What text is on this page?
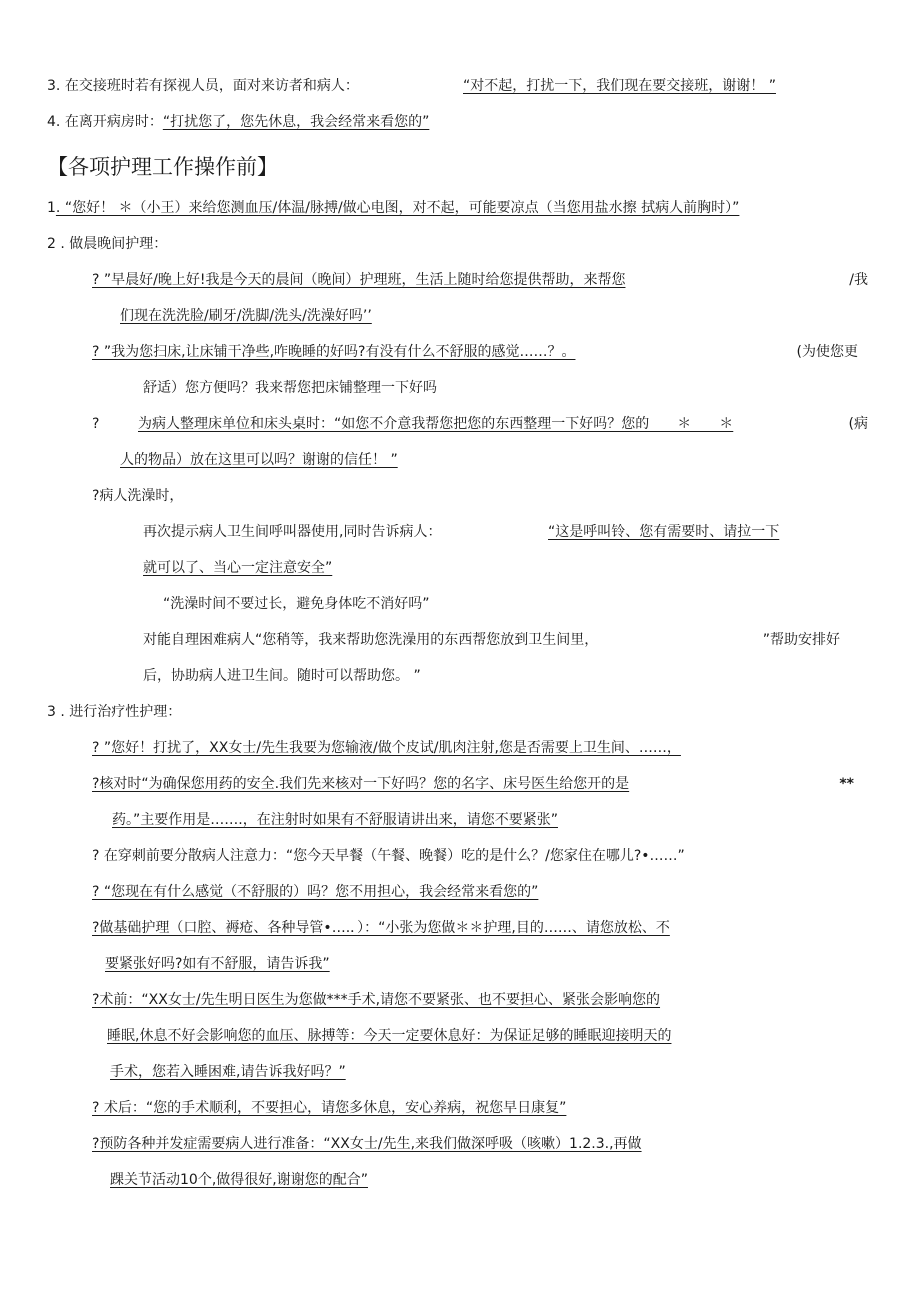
3. 在交接班时若有探视人员，面对来访者和病人：	“对不起，打扰一下，我们现在要交接班，谢谢！ ”
4. 在离开病房时：“打扰您了，您先休息，我会经常来看您的”
【各项护理工作操作前】
1. “您好！ ＊（小王）来给您测血压/体温/脉搏/做心电图，对不起，可能要凉点（当您用盐水擦 拭病人前胸时）”
2 . 做晨晚间护理：
? ”早晨好/晚上好!我是今天的晨间（晚间）护理班，生活上随时给您提供帮助，来帮您	/我
们现在洗洗脸/刷牙/洗脚/洗头/洗澡好吗’’
? ”我为您扫床,让床铺干净些,咋晚睡的好吗?有没有什么不舒服的感觉……？。	(为使您更
舒适）您方便吗？我来帮您把床铺整理一下好吗
?	为病人整理床单位和床头桌时：“如您不介意我帮您把您的东西整理一下好吗？您的　　＊　　＊	(病
人的物品）放在这里可以吗？谢谢的信任！ ”
?病人洗澡时，
再次提示病人卫生间呼叫器使用,同时告诉病人：	“这是呼叫铃、您有需要时、请拉一下
就可以了、当心一定注意安全”
“洗澡时间不要过长，避免身体吃不消好吗”
对能自理困难病人“您稍等，我来帮助您洗澡用的东西帮您放到卫生间里，	”帮助安排好
后，协助病人进卫生间。随时可以帮助您。 ”
3 . 进行治疗性护理：
? ”您好！打扰了，XX女士/先生我要为您输液/做个皮试/肌肉注射,您是否需要上卫生间、……，
?核对时“为确保您用药的安全.我们先来核对一下好吗？您的名字、床号医生给您开的是	**
药。”主要作用是…….，在注射时如果有不舒服请讲出来，请您不要紧张”
? 在穿刺前要分散病人注意力：“您今天早餐（午餐、晚餐）吃的是什么？/您家住在哪儿?•……”
? “您现在有什么感觉（不舒服的）吗？您不用担心，我会经常来看您的”
?做基础护理（口腔、褥疮、各种导管•….．）：“小张为您做＊＊护理,目的……、请您放松、不
要紧张好吗?如有不舒服，请告诉我”
?术前：“XX女士/先生明日医生为您做***手术,请您不要紧张、也不要担心、紧张会影响您的
睡眠,休息不好会影响您的血压、脉搏等：今天一定要休息好：为保证足够的睡眠迎接明天的
手术，您若入睡困难,请告诉我好吗？”
? 术后：“您的手术顺利，不要担心，请您多休息，安心养病，祝您早日康复”
?预防各种并发症需要病人进行准备：“XX女士/先生,来我们做深呼吸（咳嗽）1.2.3.,再做
踝关节活动10个,做得很好,谢谢您的配合”
